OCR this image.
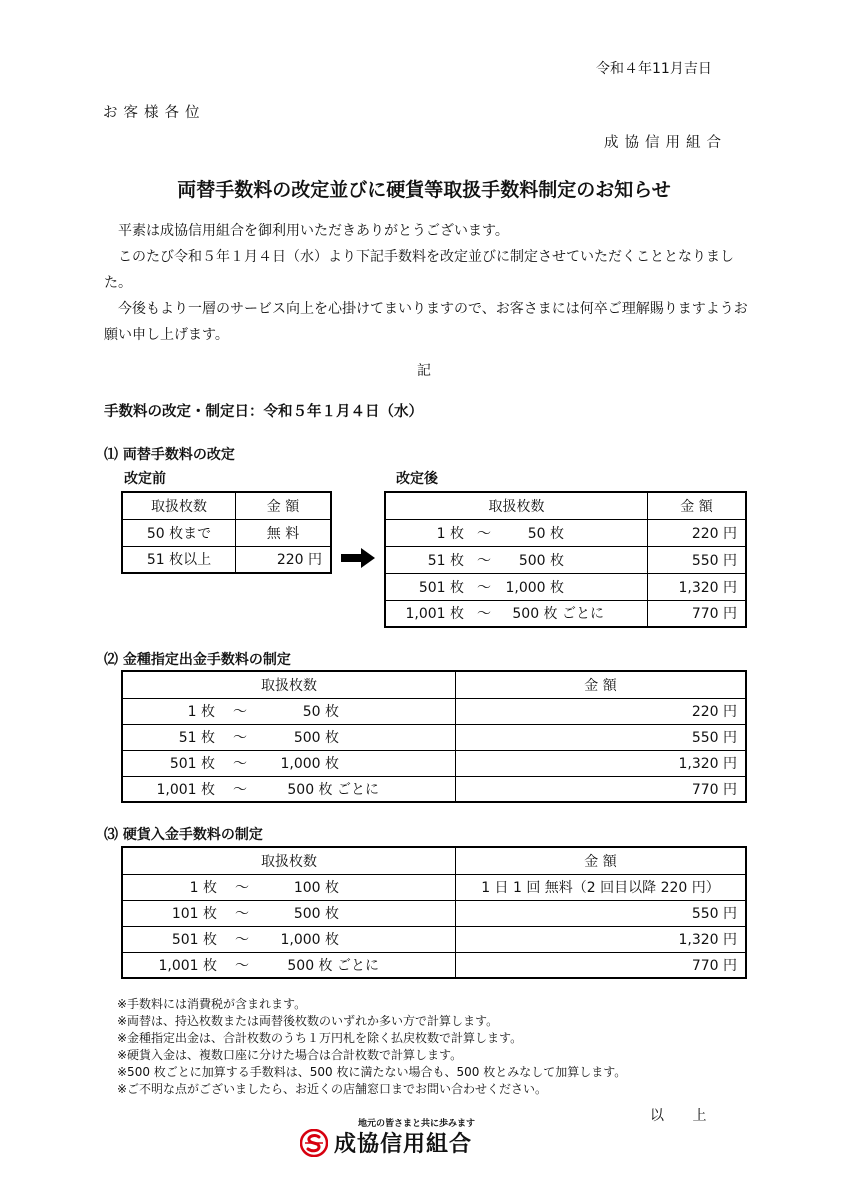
令和４年11月吉日
お客様各位
成協信用組合
両替手数料の改定並びに硬貨等取扱手数料制定のお知らせ

平素は成協信用組合を御利用いただきありがとうございます。

このたび令和５年１月４日（水）より下記手数料を改定並びに制定させていただくこととなりました。

今後もより一層のサービス向上を心掛けてまいりますので、お客さまには何卒ご理解賜りますようお願い申し上げます。

記
手数料の改定・制定日：令和５年１月４日（水）
⑴ 両替手数料の改定
改定前	改定後
取扱枚数	金 額
50 枚まで	無 料
51 枚以上	220 円
取扱枚数	金 額

1 枚 ～ 50 枚	220 円

51 枚 ～ 500 枚	550 円

501 枚 ～ 1,000 枚	1,320 円

1,001 枚 ～ 500 枚 ごとに	770 円
⑵ 金種指定出金手数料の制定
取扱枚数	金 額

1 枚 ～ 50 枚	220 円

51 枚 ～ 500 枚	550 円

501 枚 ～ 1,000 枚	1,320 円

1,001 枚 ～ 500 枚 ごとに	770 円
⑶ 硬貨入金手数料の制定
取扱枚数	金 額

1 枚 ～ 100 枚	1 日 1 回 無料（2 回目以降 220 円）

101 枚 ～ 500 枚	550 円

501 枚 ～ 1,000 枚	1,320 円

1,001 枚 ～ 500 枚 ごとに	770 円
※手数料には消費税が含まれます。
※両替は、持込枚数または両替後枚数のいずれか多い方で計算します。
※金種指定出金は、合計枚数のうち１万円札を除く払戻枚数で計算します。
※硬貨入金は、複数口座に分けた場合は合計枚数で計算します。
※500 枚ごとに加算する手数料は、500 枚に満たない場合も、500 枚とみなして加算します。
※ご不明な点がございましたら、お近くの店舗窓口までお問い合わせください。
以 上
地元の皆さまと共に歩みます
成協信用組合
